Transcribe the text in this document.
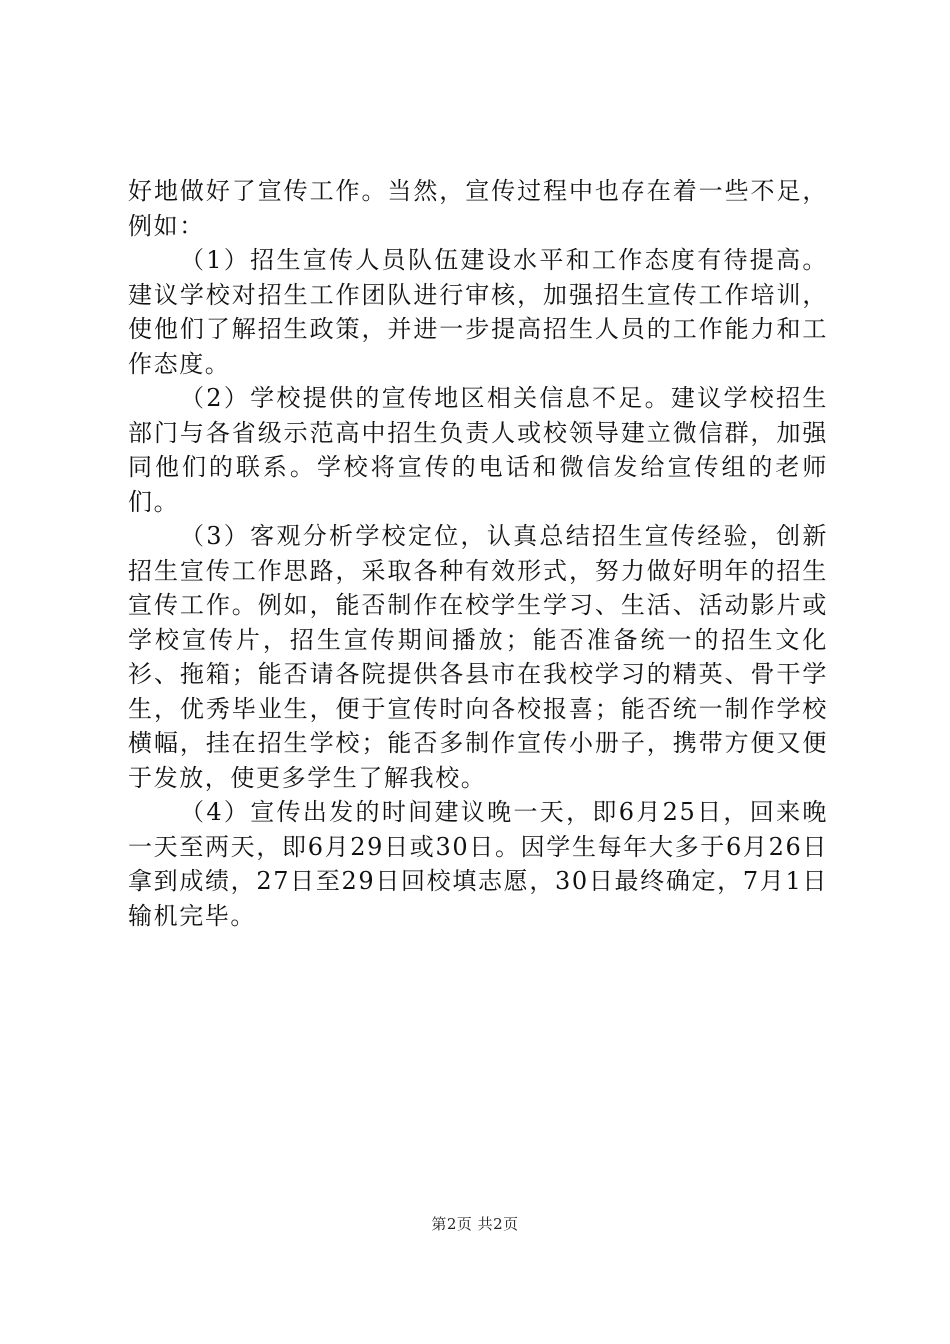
好地做好了宣传工作。当然，宣传过程中也存在着一些不足，例如：

（1）招生宣传人员队伍建设水平和工作态度有待提高。建议学校对招生工作团队进行审核，加强招生宣传工作培训，使他们了解招生政策，并进一步提高招生人员的工作能力和工作态度。

（2）学校提供的宣传地区相关信息不足。建议学校招生部门与各省级示范高中招生负责人或校领导建立微信群，加强同他们的联系。学校将宣传的电话和微信发给宣传组的老师们。

（3）客观分析学校定位，认真总结招生宣传经验，创新招生宣传工作思路，采取各种有效形式，努力做好明年的招生宣传工作。例如，能否制作在校学生学习、生活、活动影片或学校宣传片，招生宣传期间播放；能否准备统一的招生文化衫、拖箱；能否请各院提供各县市在我校学习的精英、骨干学生，优秀毕业生，便于宣传时向各校报喜；能否统一制作学校横幅，挂在招生学校；能否多制作宣传小册子，携带方便又便于发放，使更多学生了解我校。

（4）宣传出发的时间建议晚一天，即6月25日，回来晚一天至两天，即6月29日或30日。因学生每年大多于6月26日拿到成绩，27日至29日回校填志愿，30日最终确定，7月1日输机完毕。

第2页 共2页
